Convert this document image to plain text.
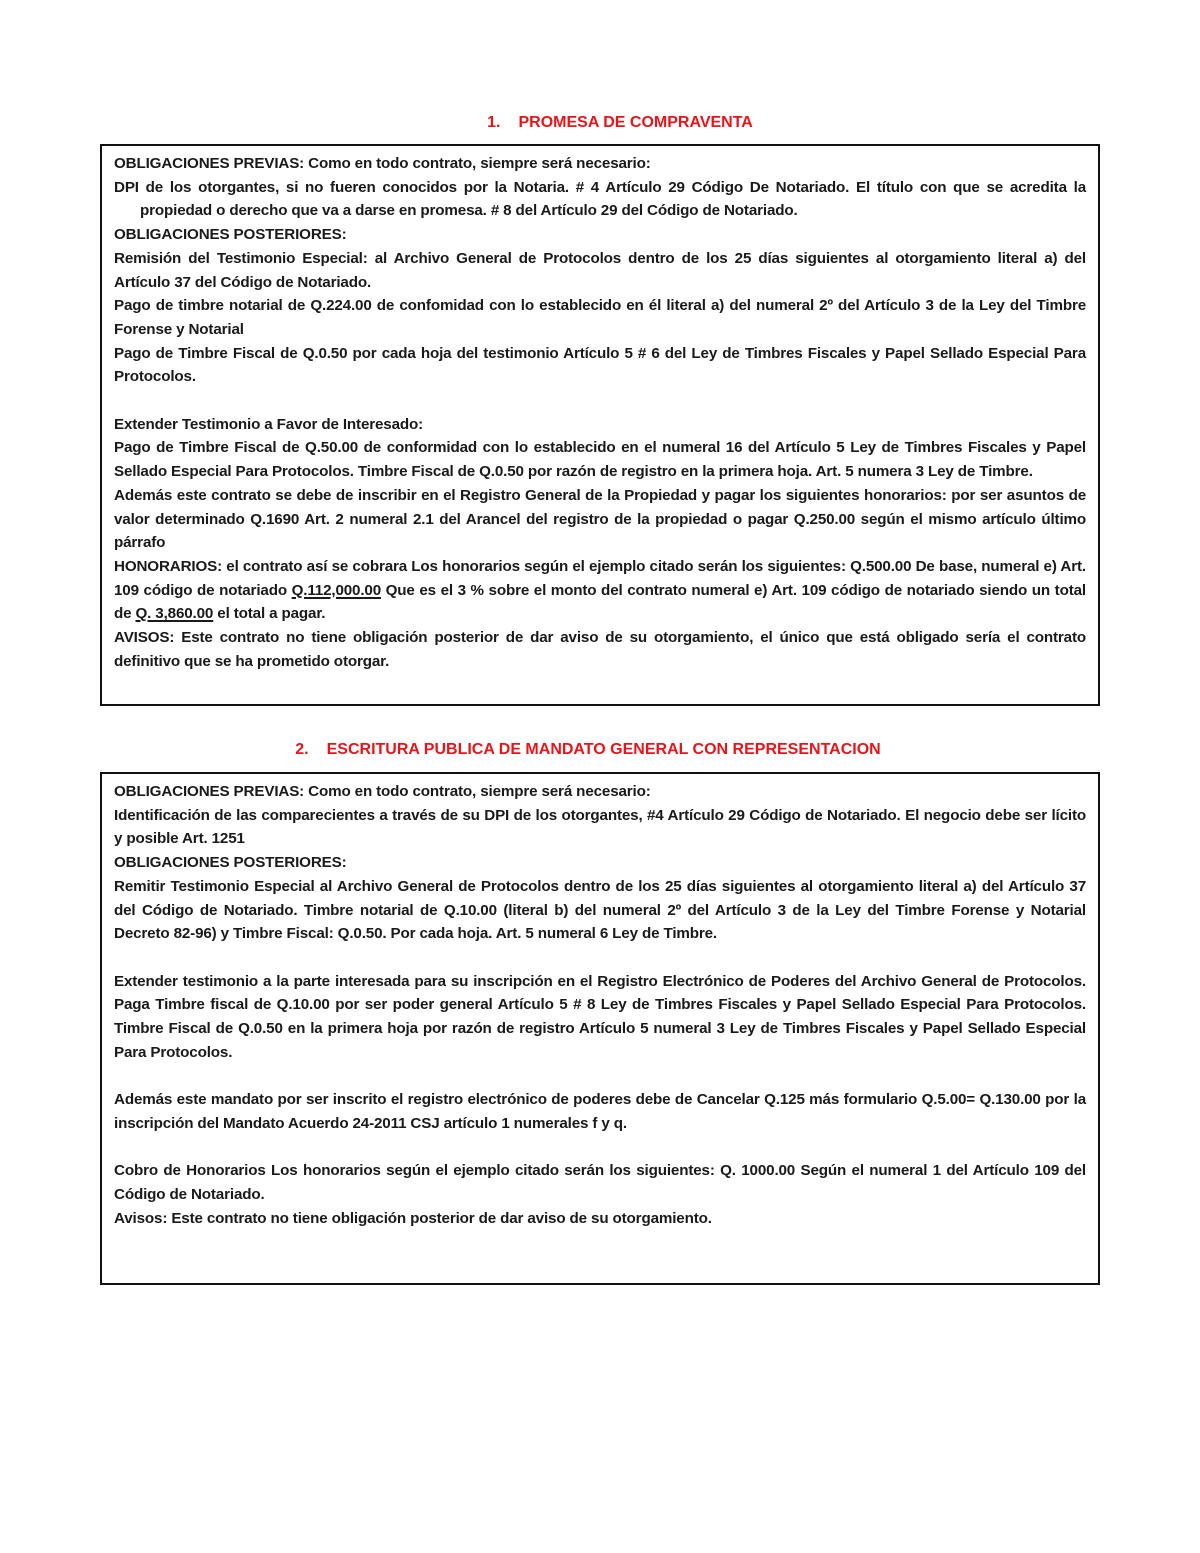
1. PROMESA DE COMPRAVENTA

OBLIGACIONES PREVIAS: Como en todo contrato, siempre será necesario:

DPI de los otorgantes, si no fueren conocidos por la Notaria. # 4 Artículo 29 Código De Notariado. El título con que se acredita la propiedad o derecho que va a darse en promesa. # 8 del Artículo 29 del Código de Notariado.

OBLIGACIONES POSTERIORES:

Remisión del Testimonio Especial: al Archivo General de Protocolos dentro de los 25 días siguientes al otorgamiento literal a) del Artículo 37 del Código de Notariado.

Pago de timbre notarial de Q.224.00 de confomidad con lo establecido en él literal a) del numeral 2º del Artículo 3 de la Ley del Timbre Forense y Notarial

Pago de Timbre Fiscal de Q.0.50 por cada hoja del testimonio Artículo 5 # 6 del Ley de Timbres Fiscales y Papel Sellado Especial Para Protocolos.

Extender Testimonio a Favor de Interesado:

Pago de Timbre Fiscal de Q.50.00 de conformidad con lo establecido en el numeral 16 del Artículo 5 Ley de Timbres Fiscales y Papel Sellado Especial Para Protocolos. Timbre Fiscal de Q.0.50 por razón de registro en la primera hoja. Art. 5 numera 3 Ley de Timbre.

Además este contrato se debe de inscribir en el Registro General de la Propiedad y pagar los siguientes honorarios: por ser asuntos de valor determinado Q.1690 Art. 2 numeral 2.1 del Arancel del registro de la propiedad o pagar Q.250.00 según el mismo artículo último párrafo

HONORARIOS: el contrato así se cobrara Los honorarios según el ejemplo citado serán los siguientes: Q.500.00 De base, numeral e) Art. 109 código de notariado Q.112,000.00 Que es el 3 % sobre el monto del contrato numeral e) Art. 109 código de notariado siendo un total de Q. 3,860.00 el total a pagar.

AVISOS: Este contrato no tiene obligación posterior de dar aviso de su otorgamiento, el único que está obligado sería el contrato definitivo que se ha prometido otorgar.

2. ESCRITURA PUBLICA DE MANDATO GENERAL CON REPRESENTACION

OBLIGACIONES PREVIAS: Como en todo contrato, siempre será necesario:

Identificación de las comparecientes a través de su DPI de los otorgantes, #4 Artículo 29 Código de Notariado. El negocio debe ser lícito y posible Art. 1251

OBLIGACIONES POSTERIORES:

Remitir Testimonio Especial al Archivo General de Protocolos dentro de los 25 días siguientes al otorgamiento literal a) del Artículo 37 del Código de Notariado. Timbre notarial de Q.10.00 (literal b) del numeral 2º del Artículo 3 de la Ley del Timbre Forense y Notarial Decreto 82-96) y Timbre Fiscal: Q.0.50. Por cada hoja. Art. 5 numeral 6 Ley de Timbre.

Extender testimonio a la parte interesada para su inscripción en el Registro Electrónico de Poderes del Archivo General de Protocolos. Paga Timbre fiscal de Q.10.00 por ser poder general Artículo 5 # 8 Ley de Timbres Fiscales y Papel Sellado Especial Para Protocolos. Timbre Fiscal de Q.0.50 en la primera hoja por razón de registro Artículo 5 numeral 3 Ley de Timbres Fiscales y Papel Sellado Especial Para Protocolos.

Además este mandato por ser inscrito el registro electrónico de poderes debe de Cancelar Q.125 más formulario Q.5.00= Q.130.00 por la inscripción del Mandato Acuerdo 24-2011 CSJ artículo 1 numerales f y q.

Cobro de Honorarios Los honorarios según el ejemplo citado serán los siguientes: Q. 1000.00 Según el numeral 1 del Artículo 109 del Código de Notariado.

Avisos: Este contrato no tiene obligación posterior de dar aviso de su otorgamiento.
